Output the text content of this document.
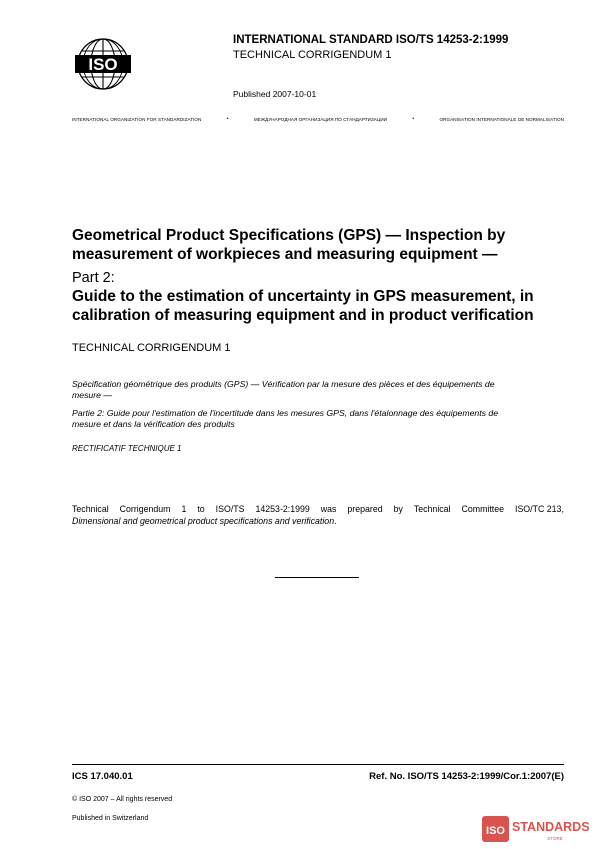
ISO
INTERNATIONAL STANDARD ISO/TS 14253-2:1999
TECHNICAL CORRIGENDUM 1
Published 2007-10-01
INTERNATIONAL ORGANIZATION FOR STANDARDIZATION	•	МЕЖДУНАРОДНАЯ ОРГАНИЗАЦИЯ ПО СТАНДАРТИЗАЦИИ	•	ORGANISATION INTERNATIONALE DE NORMALISATION
Geometrical Product Specifications (GPS) — Inspection by
measurement of workpieces and measuring equipment —
Part 2:
Guide to the estimation of uncertainty in GPS measurement, in
calibration of measuring equipment and in product verification
TECHNICAL CORRIGENDUM 1
Spécification géométrique des produits (GPS) — Vérification par la mesure des pièces et des équipements de
mesure —
Partie 2: Guide pour l'estimation de l'incertitude dans les mesures GPS, dans l'étalonnage des équipements de
mesure et dans la vérification des produits
RECTIFICATIF TECHNIQUE 1
Technical Corrigendum 1 to ISO/TS 14253-2:1999 was prepared by Technical Committee ISO/TC 213,
Dimensional and geometrical product specifications and verification.
ICS 17.040.01	Ref. No. ISO/TS 14253-2:1999/Cor.1:2007(E)
© ISO 2007 – All rights reserved
Published in Switzerland
ISO STANDARDS
STORE
